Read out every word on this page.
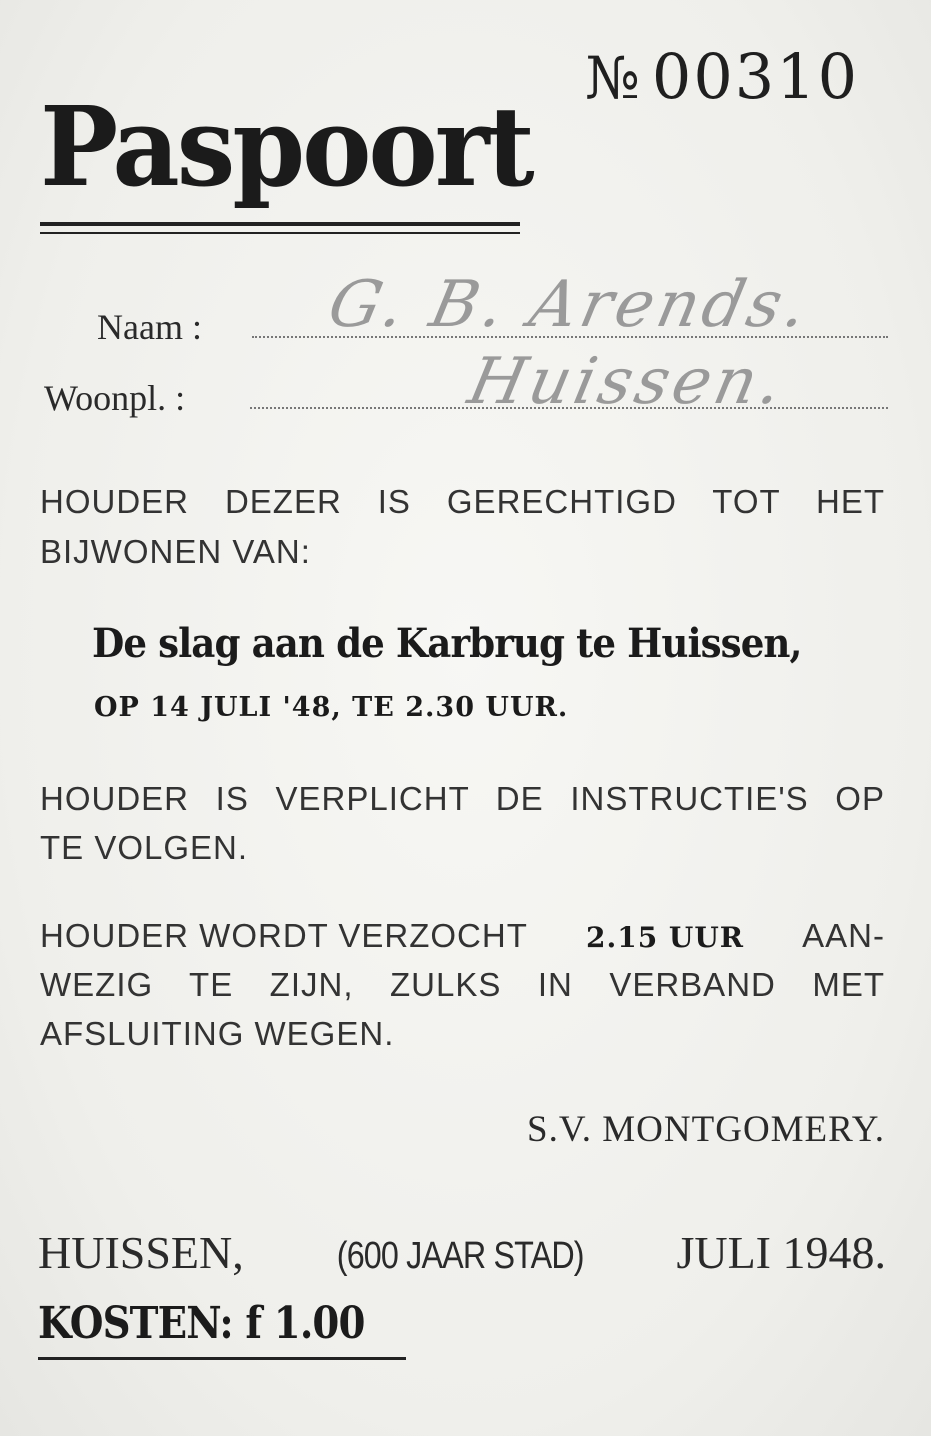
№ 00310
Paspoort
Naam : G. B. Arends.
Woonpl. :	Huissen.
HOUDER DEZER IS GERECHTIGD TOT HET
BIJWONEN VAN:
De slag aan de Karbrug te Huissen,
OP 14 JULI '48, TE 2.30 UUR.
HOUDER IS VERPLICHT DE INSTRUCTIE'S OP
TE VOLGEN.
HOUDER WORDT VERZOCHT 2.15 UUR AAN-
WEZIG TE ZIJN, ZULKS IN VERBAND MET
AFSLUITING WEGEN.
S.V. MONTGOMERY.
HUISSEN, (600 JAAR STAD) JULI 1948.
KOSTEN: f 1.00
